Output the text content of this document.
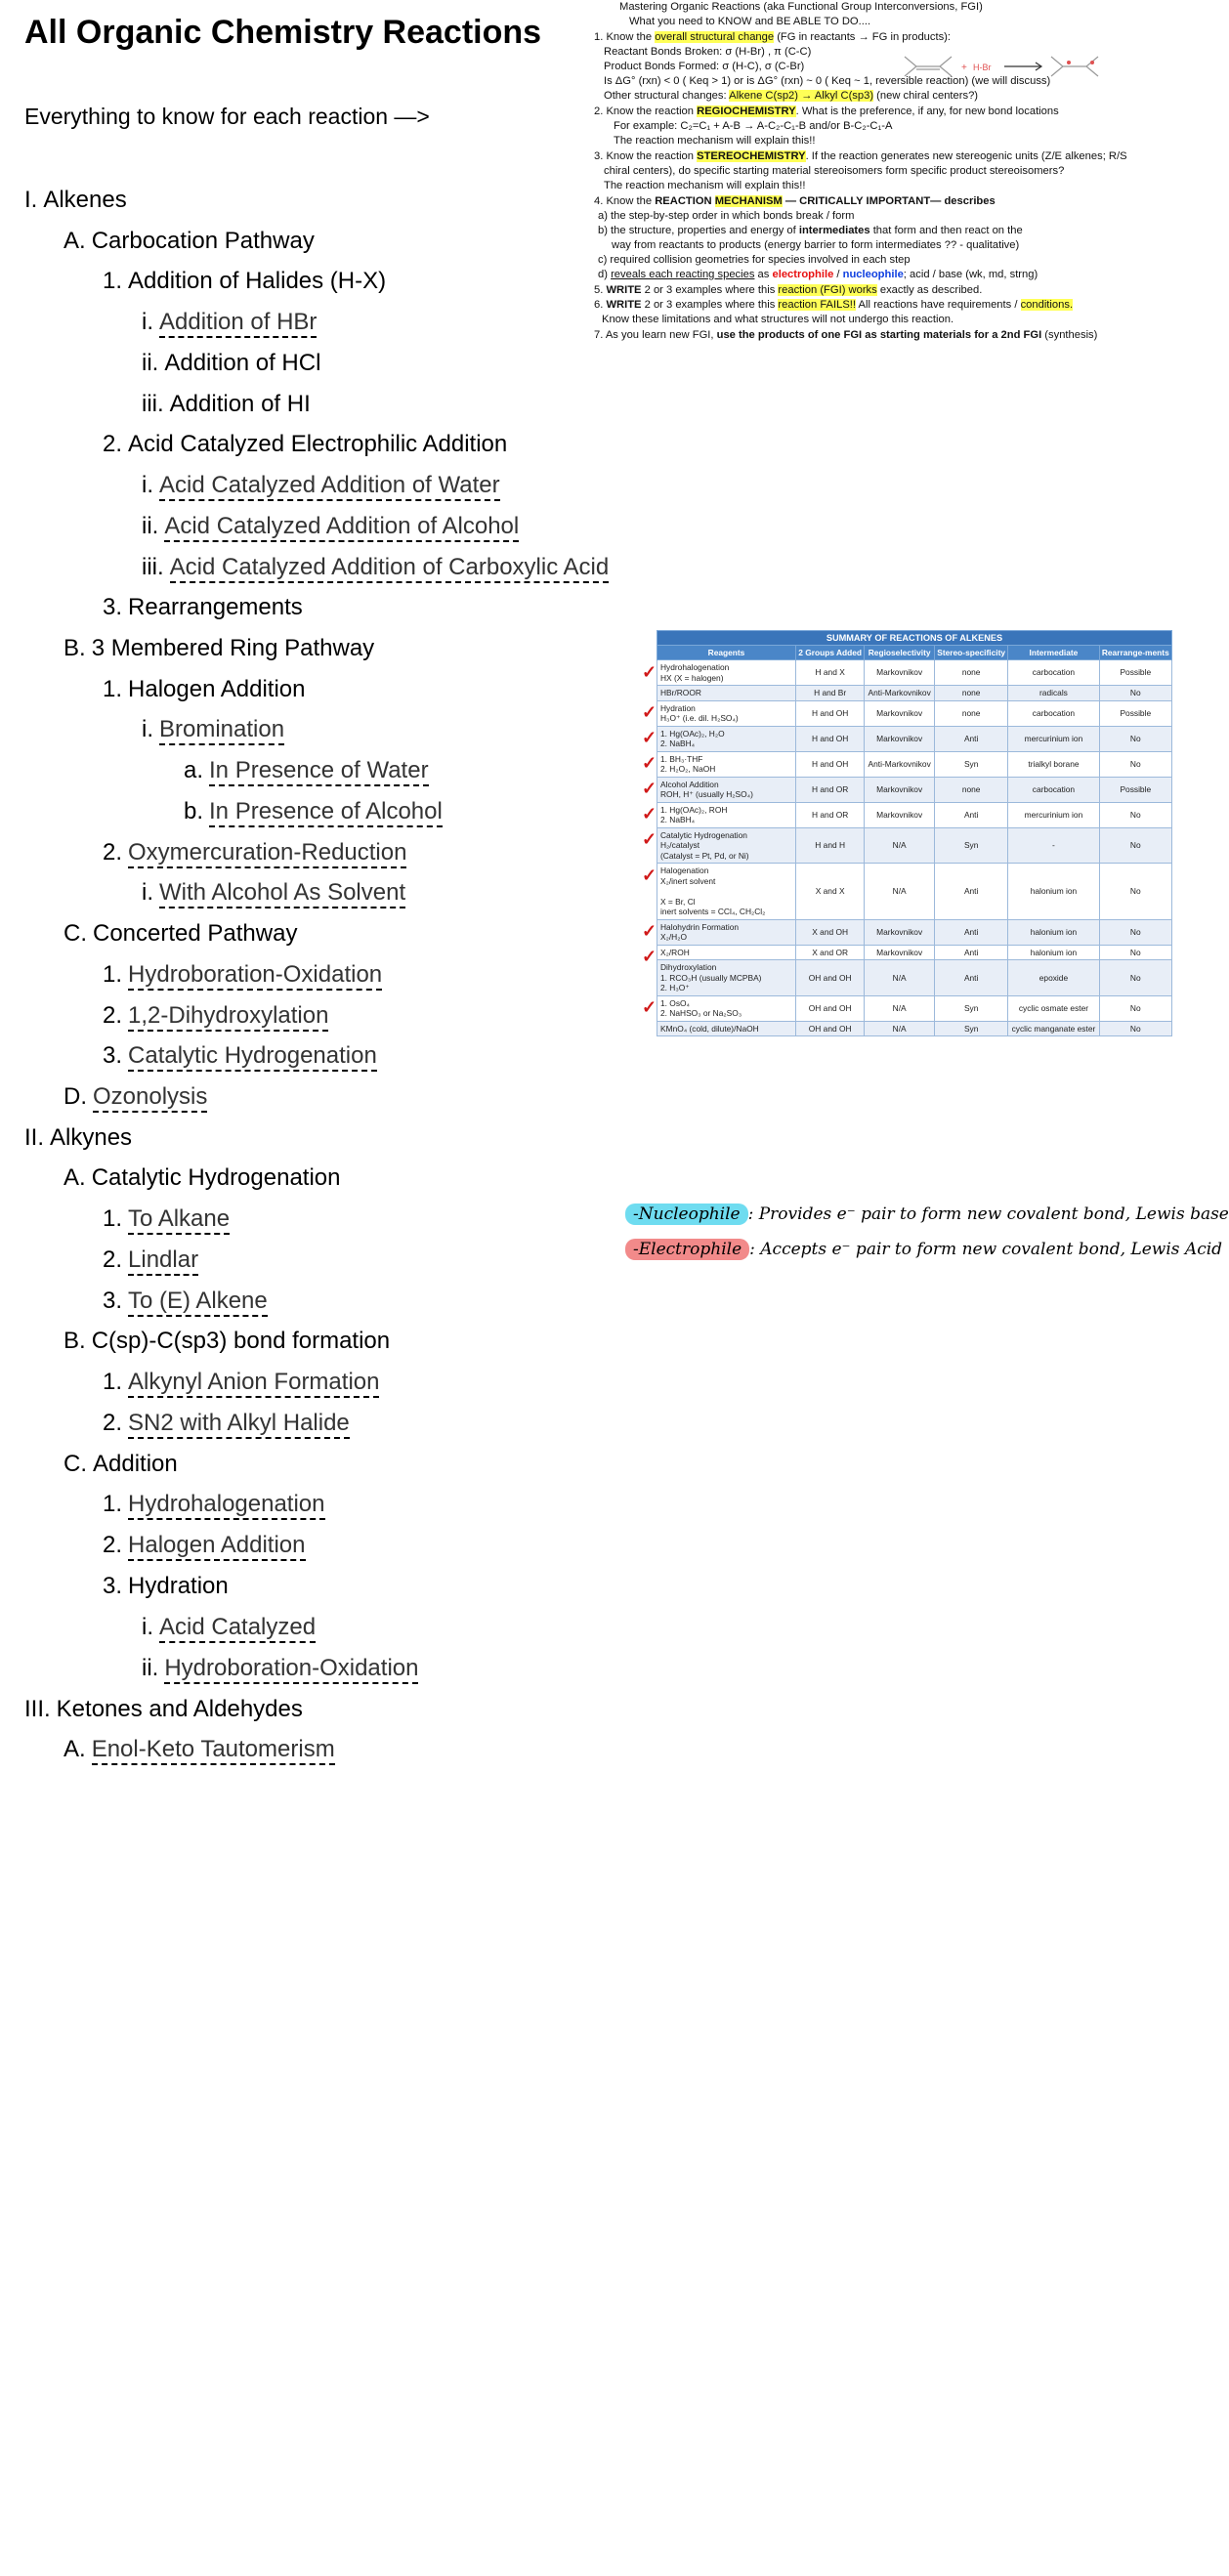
All Organic Chemistry Reactions
Everything to know for each reaction —>
I. Alkenes
A. Carbocation Pathway
1. Addition of Halides (H-X)
i. Addition of HBr
ii. Addition of HCl
iii. Addition of HI
2. Acid Catalyzed Electrophilic Addition
i. Acid Catalyzed Addition of Water
ii. Acid Catalyzed Addition of Alcohol
iii. Acid Catalyzed Addition of Carboxylic Acid
3. Rearrangements
B. 3 Membered Ring Pathway
1. Halogen Addition
i. Bromination
a. In Presence of Water
b. In Presence of Alcohol
2. Oxymercuration-Reduction
i. With Alcohol As Solvent
C. Concerted Pathway
1. Hydroboration-Oxidation
2. 1,2-Dihydroxylation
3. Catalytic Hydrogenation
D. Ozonolysis
II. Alkynes
A. Catalytic Hydrogenation
1. To Alkane
2. Lindlar
3. To (E) Alkene
B. C(sp)-C(sp3) bond formation
1. Alkynyl Anion Formation
2. SN2 with Alkyl Halide
C. Addition
1. Hydrohalogenation
2. Halogen Addition
3. Hydration
i. Acid Catalyzed
ii. Hydroboration-Oxidation
III. Ketones and Aldehydes
A. Enol-Keto Tautomerism
Mastering Organic Reactions (aka Functional Group Interconversions, FGI)
What you need to KNOW and BE ABLE TO DO....
1. Know the overall structural change (FG in reactants → FG in products):
Reactant Bonds Broken: σ (H-Br) , π (C-C)
Product Bonds Formed: σ (H-C), σ (C-Br)
Is ΔG° (rxn) < 0 ( Keq > 1) or is ΔG° (rxn) ~ 0 ( Keq ~ 1, reversible reaction) (we will discuss)
Other structural changes: Alkene C(sp2) → Alkyl C(sp3) (new chiral centers?)
2. Know the reaction REGIOCHEMISTRY. What is the preference, if any, for new bond locations
For example: C₂=C₁ + A-B → A-C₂-C₁-B and/or B-C₂-C₁-A
The reaction mechanism will explain this!!
3. Know the reaction STEREOCHEMISTRY. If the reaction generates new stereogenic units (Z/E alkenes; R/S
chiral centers), do specific starting material stereoisomers form specific product stereoisomers?
The reaction mechanism will explain this!!
4. Know the REACTION MECHANISM — CRITICALLY IMPORTANT— describes
a) the step-by-step order in which bonds break / form
b) the structure, properties and energy of intermediates that form and then react on the
way from reactants to products (energy barrier to form intermediates ?? - qualitative)
c) required collision geometries for species involved in each step
d) reveals each reacting species as electrophile / nucleophile; acid / base (wk, md, strng)
5. WRITE 2 or 3 examples where this reaction (FGI) works exactly as described.
6. WRITE 2 or 3 examples where this reaction FAILS!! All reactions have requirements / conditions.
Know these limitations and what structures will not undergo this reaction.
7. As you learn new FGI, use the products of one FGI as starting materials for a 2nd FGI (synthesis)
+ H-Br
✓
✓
✓
✓
✓
✓
✓
✓
✓
✓
✓
SUMMARY OF REACTIONS OF ALKENES					
Reagents	2 Groups Added	Regioselectivity	Stereo-specificity	Intermediate	Rearrange-ments
Hydrohalogenation
HX (X = halogen)	H and X	Markovnikov	none	carbocation	Possible
HBr/ROOR	H and Br	Anti-Markovnikov	none	radicals	No
Hydration
H₃O⁺ (i.e. dil. H₂SO₄)	H and OH	Markovnikov	none	carbocation	Possible
1. Hg(OAc)₂, H₂O
2. NaBH₄	H and OH	Markovnikov	Anti	mercurinium ion	No
1. BH₃·THF
2. H₂O₂, NaOH	H and OH	Anti-Markovnikov	Syn	trialkyl borane	No
Alcohol Addition
ROH, H⁺ (usually H₂SO₄)	H and OR	Markovnikov	none	carbocation	Possible
1. Hg(OAc)₂, ROH
2. NaBH₄	H and OR	Markovnikov	Anti	mercurinium ion	No
Catalytic Hydrogenation
H₂/catalyst
(Catalyst = Pt, Pd, or Ni)	H and H	N/A	Syn	-	No
Halogenation
X₂/inert solvent

X = Br, Cl
inert solvents = CCl₄, CH₂Cl₂	X and X	N/A	Anti	halonium ion	No
Halohydrin Formation
X₂/H₂O	X and OH	Markovnikov	Anti	halonium ion	No
X₂/ROH	X and OR	Markovnikov	Anti	halonium ion	No
Dihydroxylation
1. RCO₃H (usually MCPBA)
2. H₃O⁺	OH and OH	N/A	Anti	epoxide	No
1. OsO₄
2. NaHSO₃ or Na₂SO₃	OH and OH	N/A	Syn	cyclic osmate ester	No
KMnO₄ (cold, dilute)/NaOH	OH and OH	N/A	Syn	cyclic manganate ester	No
-Nucleophile : Provides e⁻ pair to form new covalent bond, Lewis base
-Electrophile : Accepts e⁻ pair to form new covalent bond, Lewis Acid
